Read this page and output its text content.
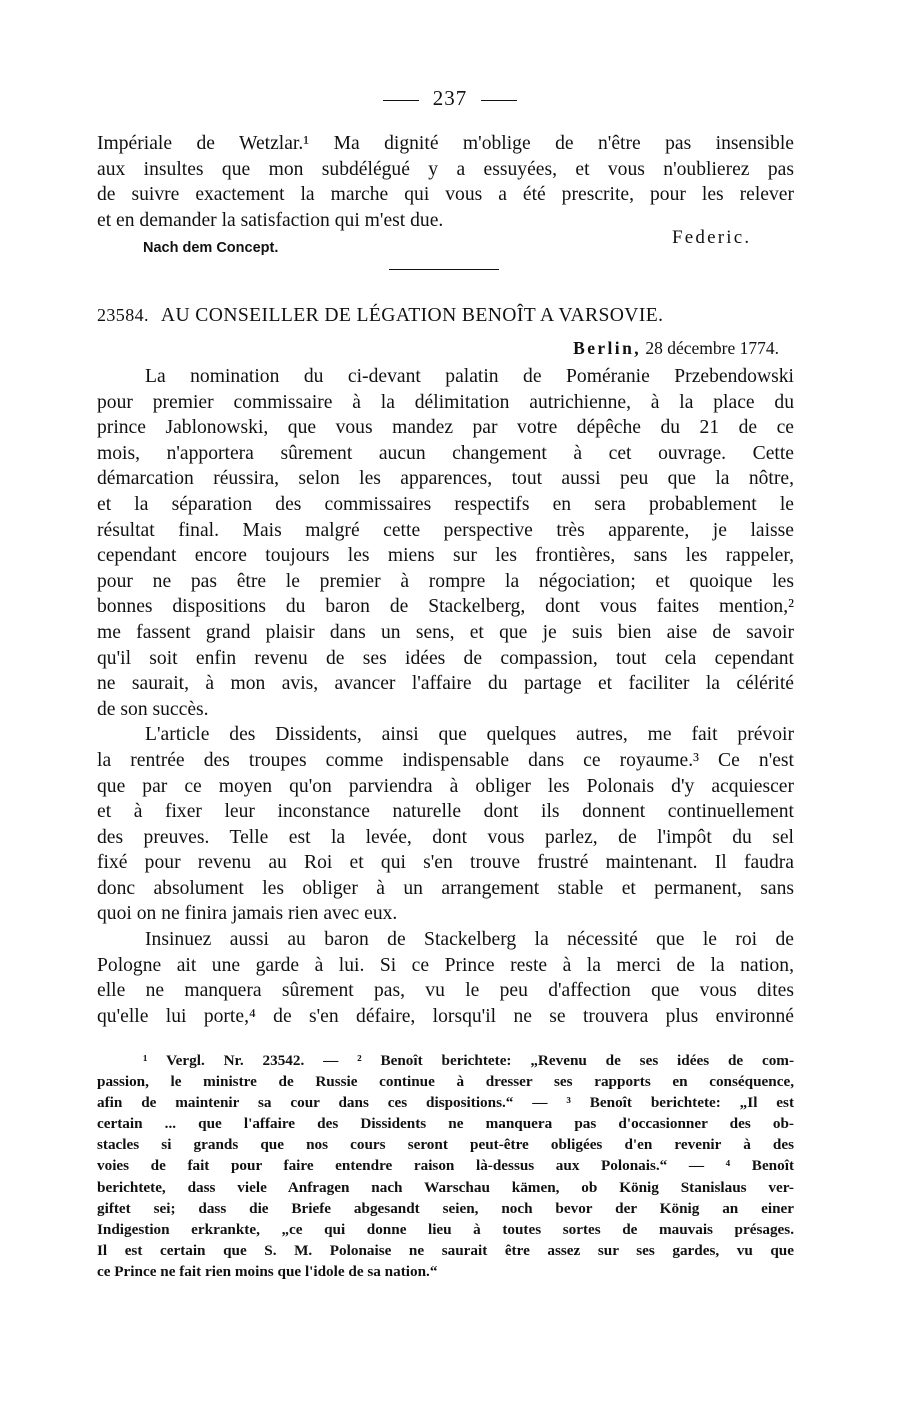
237
Impériale de Wetzlar.¹ Ma dignité m'oblige de n'être pas insensible
aux insultes que mon subdélégué y a essuyées, et vous n'oublierez pas
de suivre exactement la marche qui vous a été prescrite, pour les relever
et en demander la satisfaction qui m'est due.
Federic.
Nach dem Concept.
23584. AU CONSEILLER DE LÉGATION BENOÎT A VARSOVIE.
Berlin, 28 décembre 1774.
La nomination du ci-devant palatin de Poméranie Przebendowski
pour premier commissaire à la délimitation autrichienne, à la place du
prince Jablonowski, que vous mandez par votre dépêche du 21 de ce
mois, n'apportera sûrement aucun changement à cet ouvrage. Cette
démarcation réussira, selon les apparences, tout aussi peu que la nôtre,
et la séparation des commissaires respectifs en sera probablement le
résultat final. Mais malgré cette perspective très apparente, je laisse
cependant encore toujours les miens sur les frontières, sans les rappeler,
pour ne pas être le premier à rompre la négociation; et quoique les
bonnes dispositions du baron de Stackelberg, dont vous faites mention,²
me fassent grand plaisir dans un sens, et que je suis bien aise de savoir
qu'il soit enfin revenu de ses idées de compassion, tout cela cependant
ne saurait, à mon avis, avancer l'affaire du partage et faciliter la célérité
de son succès.
L'article des Dissidents, ainsi que quelques autres, me fait prévoir
la rentrée des troupes comme indispensable dans ce royaume.³ Ce n'est
que par ce moyen qu'on parviendra à obliger les Polonais d'y acquiescer
et à fixer leur inconstance naturelle dont ils donnent continuellement
des preuves. Telle est la levée, dont vous parlez, de l'impôt du sel
fixé pour revenu au Roi et qui s'en trouve frustré maintenant. Il faudra
donc absolument les obliger à un arrangement stable et permanent, sans
quoi on ne finira jamais rien avec eux.
Insinuez aussi au baron de Stackelberg la nécessité que le roi de
Pologne ait une garde à lui. Si ce Prince reste à la merci de la nation,
elle ne manquera sûrement pas, vu le peu d'affection que vous dites
qu'elle lui porte,⁴ de s'en défaire, lorsqu'il ne se trouvera plus environné
¹ Vergl. Nr. 23542. — ² Benoît berichtete: „Revenu de ses idées de com-
passion, le ministre de Russie continue à dresser ses rapports en conséquence,
afin de maintenir sa cour dans ces dispositions.“ — ³ Benoît berichtete: „Il est
certain ... que l'affaire des Dissidents ne manquera pas d'occasionner des ob-
stacles si grands que nos cours seront peut-être obligées d'en revenir à des
voies de fait pour faire entendre raison là-dessus aux Polonais.“ — ⁴ Benoît
berichtete, dass viele Anfragen nach Warschau kämen, ob König Stanislaus ver-
giftet sei; dass die Briefe abgesandt seien, noch bevor der König an einer
Indigestion erkrankte, „ce qui donne lieu à toutes sortes de mauvais présages.
Il est certain que S. M. Polonaise ne saurait être assez sur ses gardes, vu que
ce Prince ne fait rien moins que l'idole de sa nation.“
